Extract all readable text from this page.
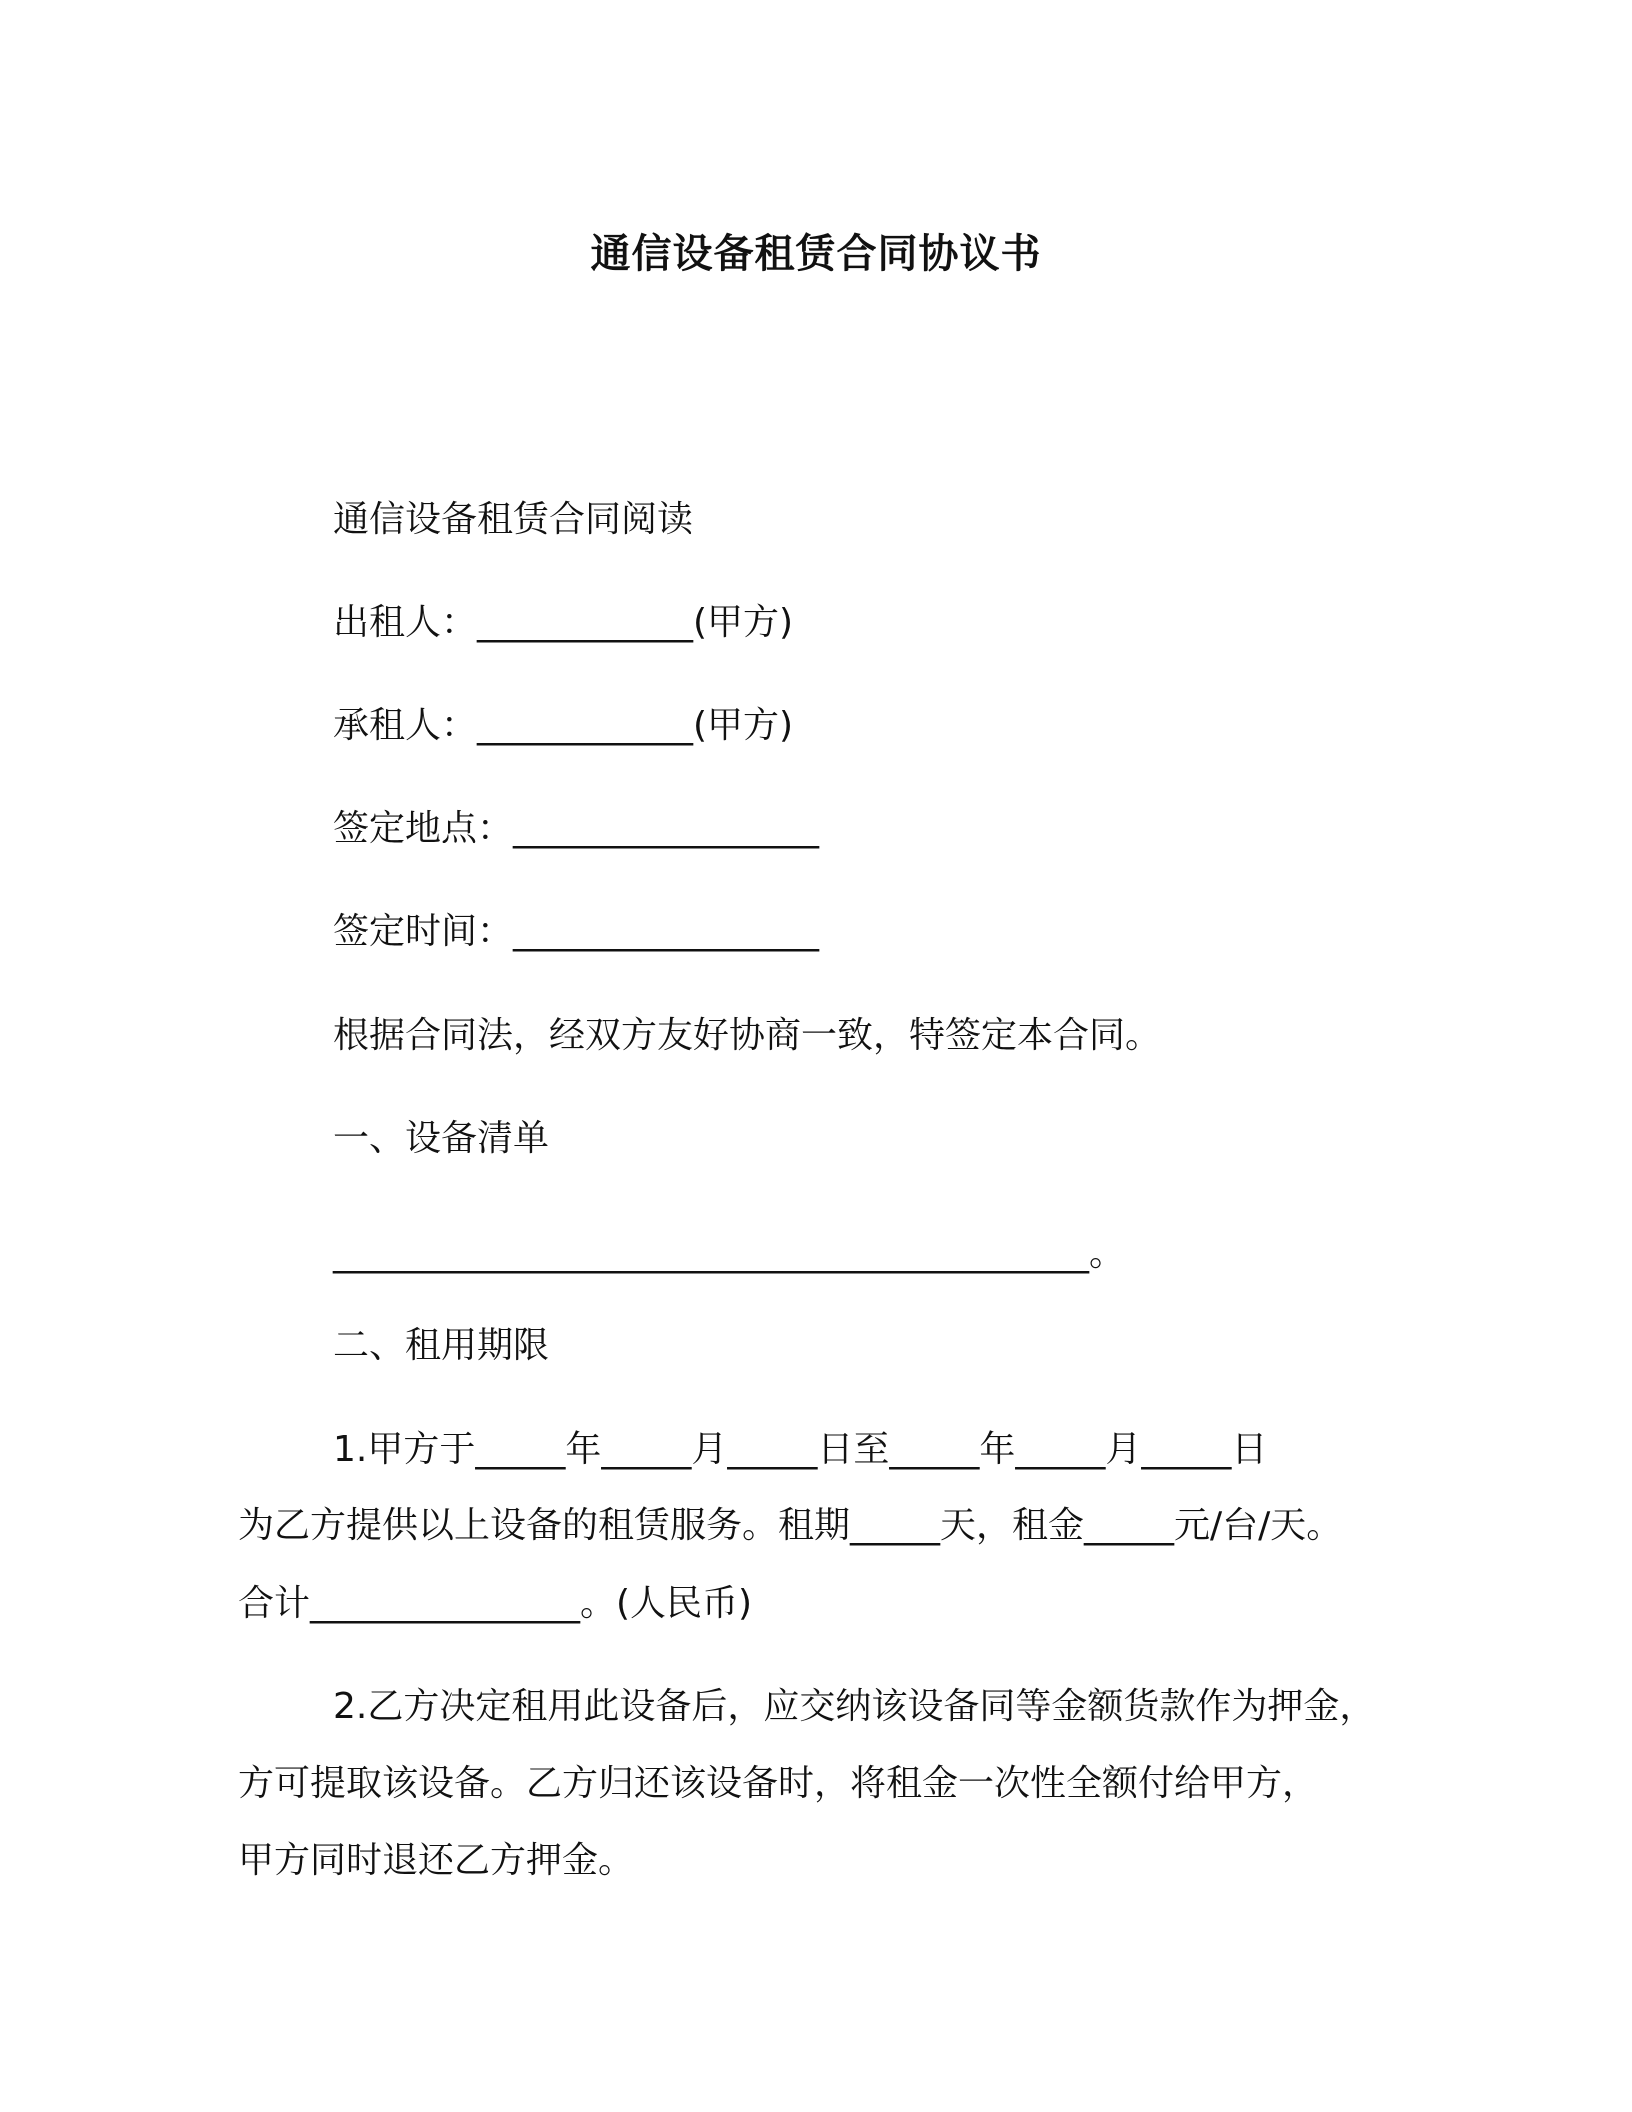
通信设备租赁合同协议书
通信设备租赁合同阅读
出租人：____________(甲方)
承租人：____________(甲方)
签定地点：_________________
签定时间：_________________
根据合同法，经双方友好协商一致，特签定本合同。
一、设备清单
__________________________________________。
二、租用期限
1.甲方于_____年_____月_____日至_____年_____月_____日
为乙方提供以上设备的租赁服务。租期_____天，租金_____元/台/天。
合计_______________。(人民币)
2.乙方决定租用此设备后，应交纳该设备同等金额货款作为押金，
方可提取该设备。乙方归还该设备时，将租金一次性全额付给甲方，
甲方同时退还乙方押金。
